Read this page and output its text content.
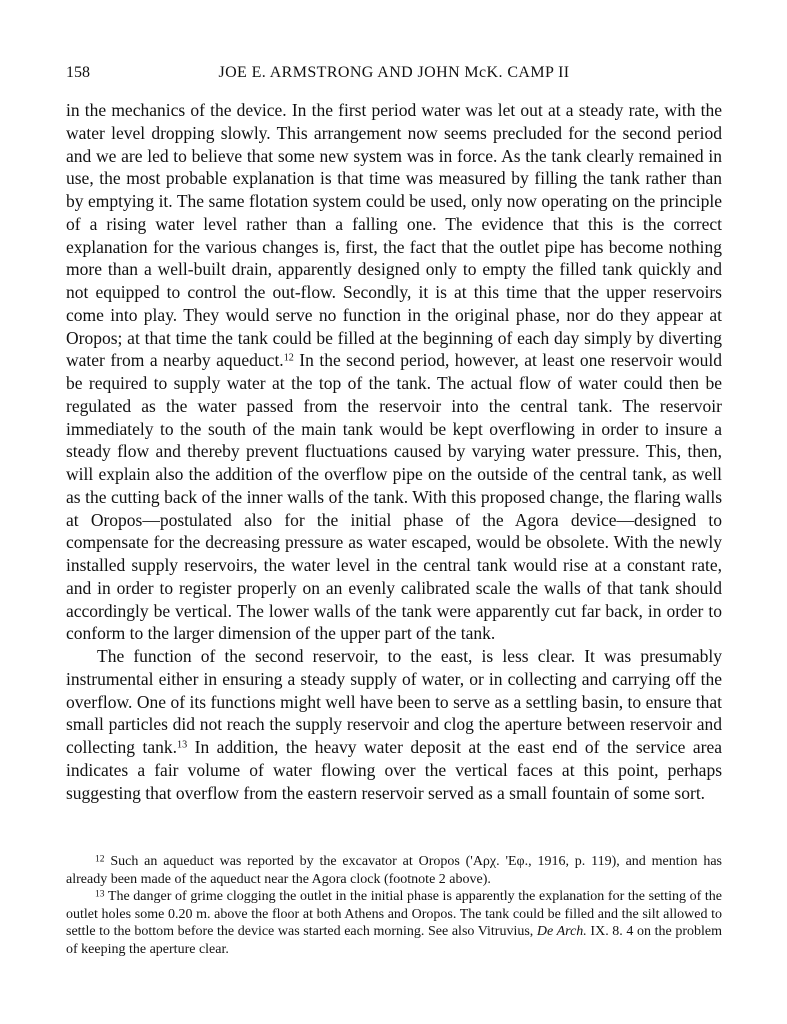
158	JOE E. ARMSTRONG AND JOHN McK. CAMP II

in the mechanics of the device. In the first period water was let out at a steady rate, with the water level dropping slowly. This arrangement now seems precluded for the second period and we are led to believe that some new system was in force. As the tank clearly remained in use, the most probable explanation is that time was measured by filling the tank rather than by emptying it. The same flotation system could be used, only now operating on the principle of a rising water level rather than a falling one. The evidence that this is the correct explanation for the various changes is, first, the fact that the outlet pipe has become nothing more than a well-built drain, apparently designed only to empty the filled tank quickly and not equipped to control the out-flow. Secondly, it is at this time that the upper reservoirs come into play. They would serve no function in the original phase, nor do they appear at Oropos; at that time the tank could be filled at the beginning of each day simply by diverting water from a nearby aqueduct.$^{12}$ In the second period, however, at least one reservoir would be required to supply water at the top of the tank. The actual flow of water could then be regulated as the water passed from the reservoir into the central tank. The reservoir immediately to the south of the main tank would be kept overflowing in order to insure a steady flow and thereby prevent fluctuations caused by varying water pressure. This, then, will explain also the addition of the overflow pipe on the outside of the central tank, as well as the cutting back of the inner walls of the tank. With this proposed change, the flaring walls at Oropos—postulated also for the initial phase of the Agora device—designed to compensate for the decreasing pressure as water escaped, would be obsolete. With the newly installed supply reservoirs, the water level in the central tank would rise at a constant rate, and in order to register properly on an evenly calibrated scale the walls of that tank should accordingly be vertical. The lower walls of the tank were apparently cut far back, in order to conform to the larger dimension of the upper part of the tank.

The function of the second reservoir, to the east, is less clear. It was presumably instrumental either in ensuring a steady supply of water, or in collecting and carrying off the overflow. One of its functions might well have been to serve as a settling basin, to ensure that small particles did not reach the supply reservoir and clog the aperture between reservoir and collecting tank.$^{13}$ In addition, the heavy water deposit at the east end of the service area indicates a fair volume of water flowing over the vertical faces at this point, perhaps suggesting that overflow from the eastern reservoir served as a small fountain of some sort.

$^{12}$ Such an aqueduct was reported by the excavator at Oropos ('Αρχ. 'Εφ., 1916, p. 119), and mention has already been made of the aqueduct near the Agora clock (footnote 2 above).

$^{13}$ The danger of grime clogging the outlet in the initial phase is apparently the explanation for the setting of the outlet holes some 0.20 m. above the floor at both Athens and Oropos. The tank could be filled and the silt allowed to settle to the bottom before the device was started each morning. See also Vitruvius, De Arch. IX. 8. 4 on the problem of keeping the aperture clear.
